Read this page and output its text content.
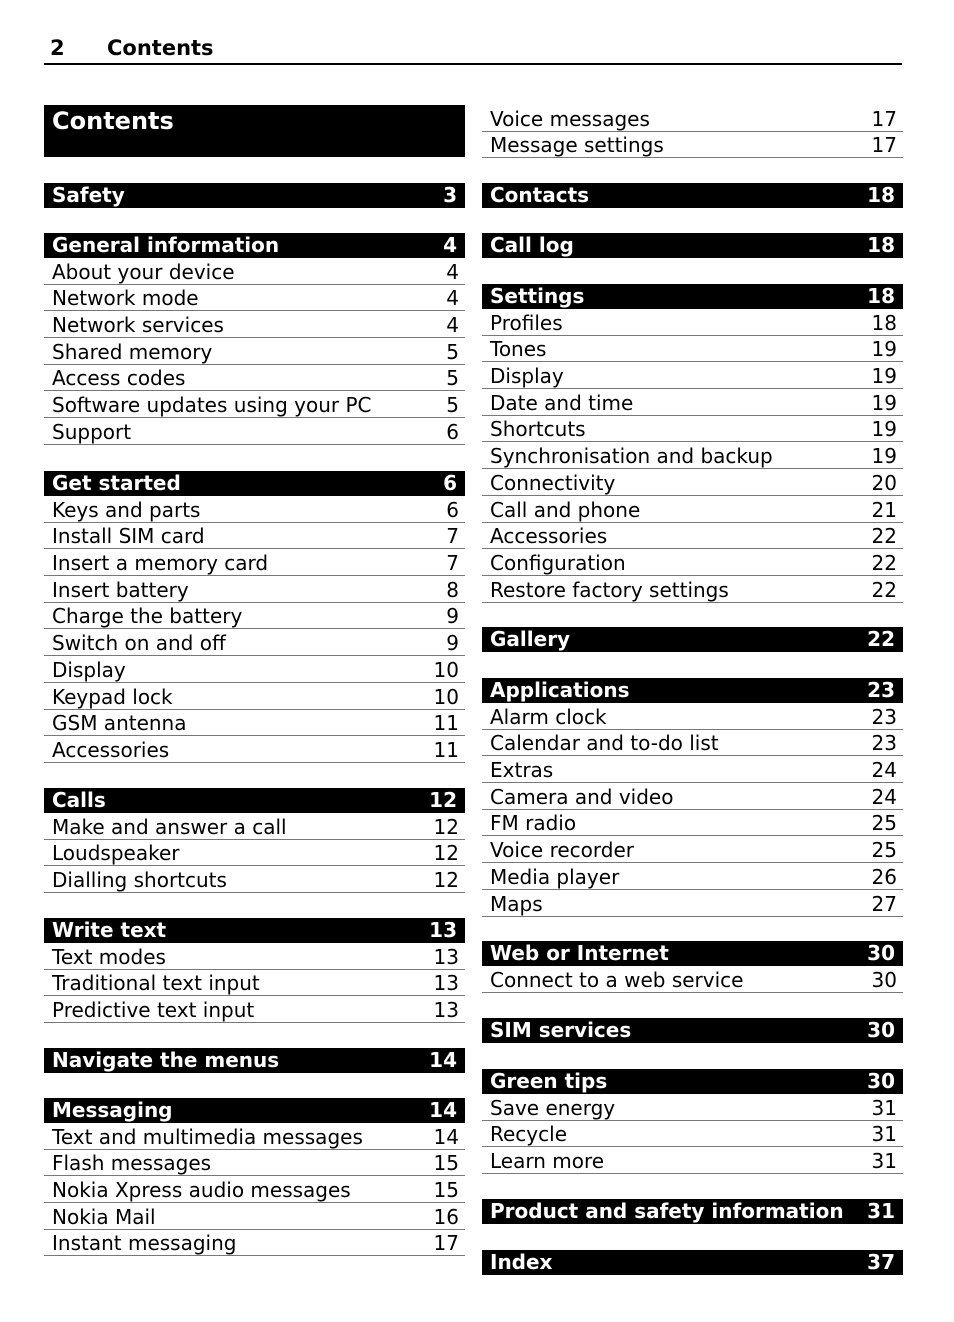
2 Contents
Contents
Safety	3
General information	4
About your device	4
Network mode	4
Network services	4
Shared memory	5
Access codes	5
Software updates using your PC	5
Support	6
Get started	6
Keys and parts	6
Install SIM card	7
Insert a memory card	7
Insert battery	8
Charge the battery	9
Switch on and off	9
Display	10
Keypad lock	10
GSM antenna	11
Accessories	11
Calls	12
Make and answer a call	12
Loudspeaker	12
Dialling shortcuts	12
Write text	13
Text modes	13
Traditional text input	13
Predictive text input	13
Navigate the menus	14
Messaging	14
Text and multimedia messages	14
Flash messages	15
Nokia Xpress audio messages	15
Nokia Mail	16
Instant messaging	17
Contacts	18
Call log	18
Settings	18
Profiles	18
Tones	19
Display	19
Date and time	19
Shortcuts	19
Synchronisation and backup	19
Connectivity	20
Call and phone	21
Accessories	22
Configuration	22
Restore factory settings	22
Gallery	22
Applications	23
Alarm clock	23
Calendar and to-do list	23
Extras	24
Camera and video	24
FM radio	25
Voice recorder	25
Media player	26
Maps	27
Web or Internet	30
Connect to a web service	30
SIM services	30
Green tips	30
Save energy	31
Recycle	31
Learn more	31
Product and safety information 31
Index	37
Voice messages	17
Message settings	17
